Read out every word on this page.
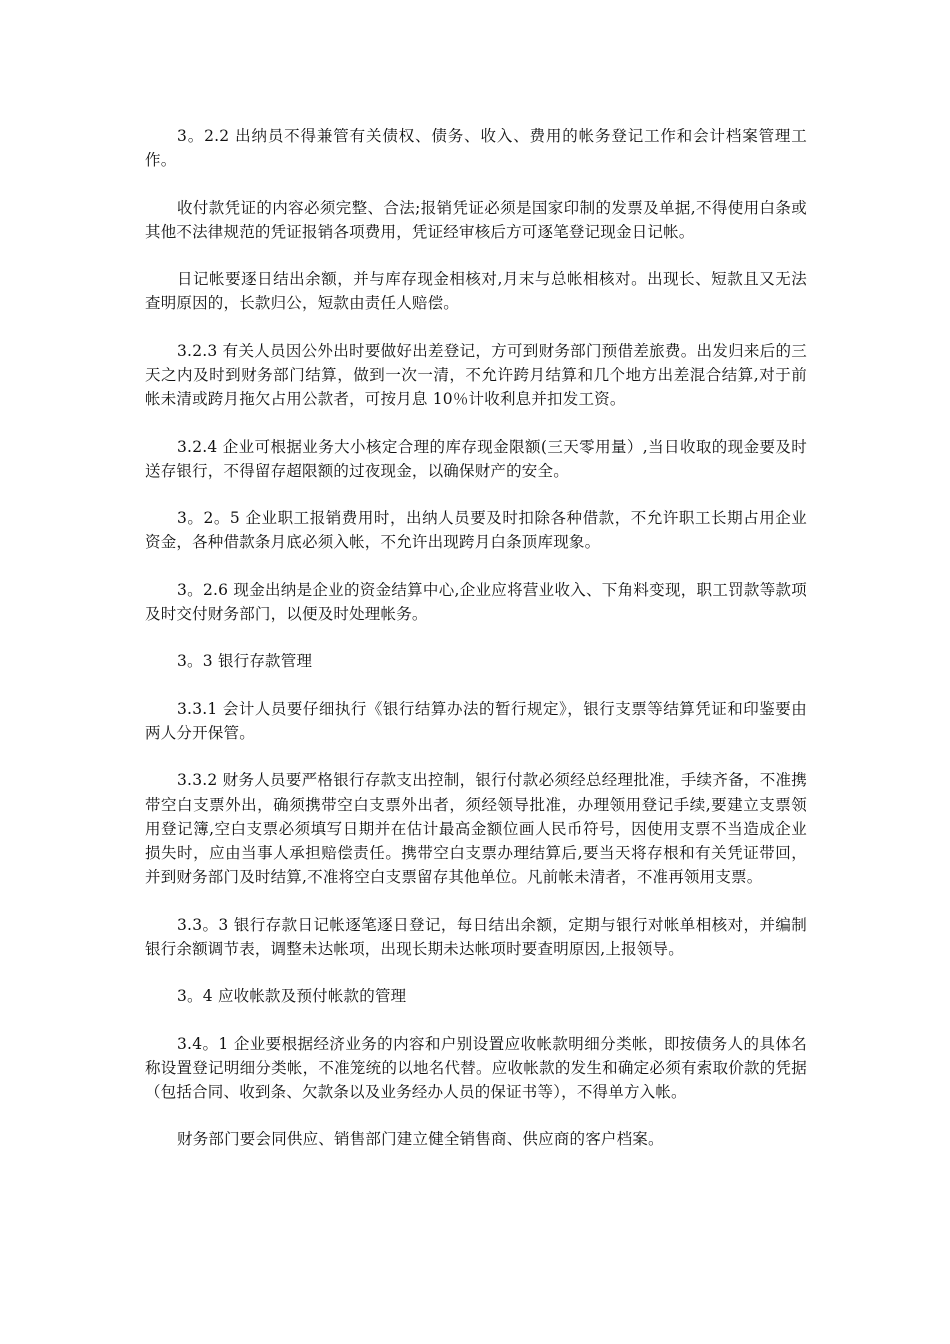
3。2.2 出纳员不得兼管有关债权、债务、收入、费用的帐务登记工作和会计档案管理工作。

收付款凭证的内容必须完整、合法;报销凭证必须是国家印制的发票及单据,不得使用白条或其他不法律规范的凭证报销各项费用，凭证经审核后方可逐笔登记现金日记帐。

日记帐要逐日结出余额，并与库存现金相核对,月末与总帐相核对。出现长、短款且又无法查明原因的，长款归公，短款由责任人赔偿。

3.2.3 有关人员因公外出时要做好出差登记，方可到财务部门预借差旅费。出发归来后的三天之内及时到财务部门结算，做到一次一清，不允许跨月结算和几个地方出差混合结算,对于前帐未清或跨月拖欠占用公款者，可按月息 10％计收利息并扣发工资。

3.2.4 企业可根据业务大小核定合理的库存现金限额(三天零用量）,当日收取的现金要及时送存银行，不得留存超限额的过夜现金，以确保财产的安全。

3。2。5 企业职工报销费用时，出纳人员要及时扣除各种借款，不允许职工长期占用企业资金，各种借款条月底必须入帐，不允许出现跨月白条顶库现象。

3。2.6 现金出纳是企业的资金结算中心,企业应将营业收入、下角料变现，职工罚款等款项及时交付财务部门，以便及时处理帐务。

3。3 银行存款管理

3.3.1 会计人员要仔细执行《银行结算办法的暂行规定》，银行支票等结算凭证和印鉴要由两人分开保管。

3.3.2 财务人员要严格银行存款支出控制，银行付款必须经总经理批准，手续齐备，不准携带空白支票外出，确须携带空白支票外出者，须经领导批准，办理领用登记手续,要建立支票领用登记簿,空白支票必须填写日期并在估计最高金额位画人民币符号，因使用支票不当造成企业损失时，应由当事人承担赔偿责任。携带空白支票办理结算后,要当天将存根和有关凭证带回，并到财务部门及时结算,不准将空白支票留存其他单位。凡前帐未清者，不准再领用支票。

3.3。3 银行存款日记帐逐笔逐日登记，每日结出余额，定期与银行对帐单相核对，并编制银行余额调节表，调整未达帐项，出现长期未达帐项时要查明原因,上报领导。

3。4 应收帐款及预付帐款的管理

3.4。1 企业要根据经济业务的内容和户别设置应收帐款明细分类帐，即按债务人的具体名称设置登记明细分类帐，不准笼统的以地名代替。应收帐款的发生和确定必须有索取价款的凭据（包括合同、收到条、欠款条以及业务经办人员的保证书等），不得单方入帐。

财务部门要会同供应、销售部门建立健全销售商、供应商的客户档案。
